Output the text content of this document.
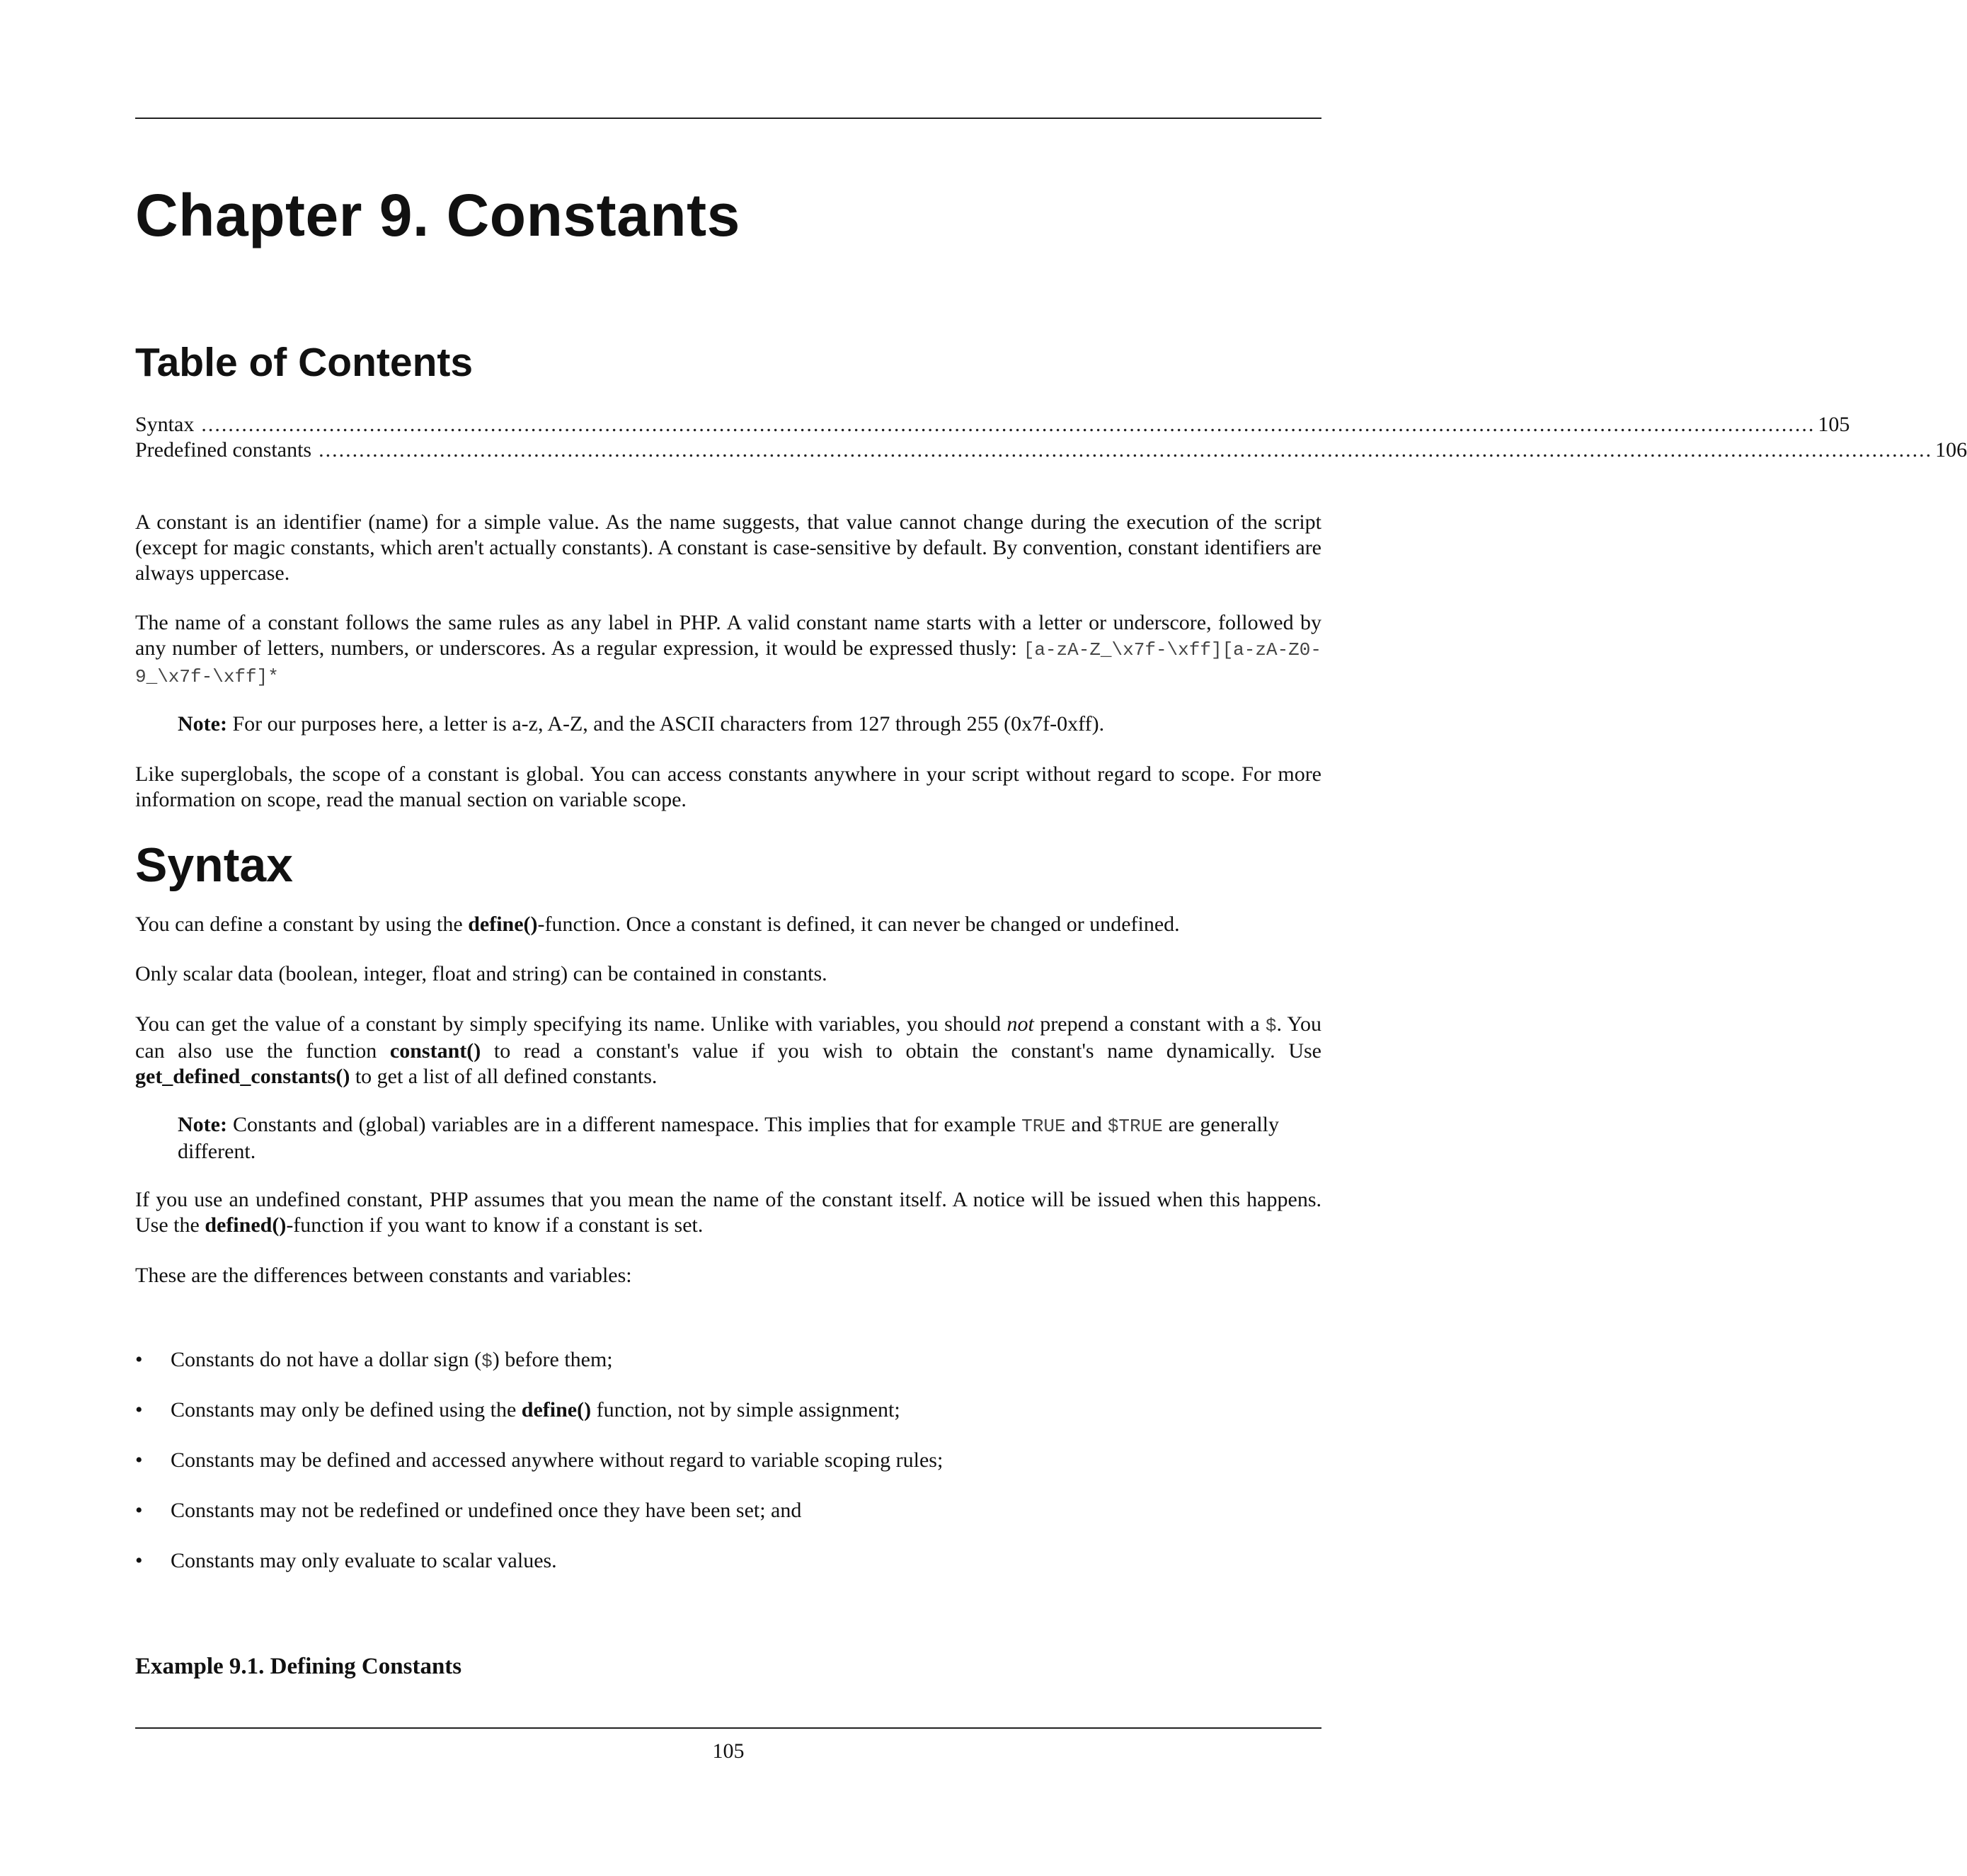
Chapter 9. Constants
Table of Contents
Syntax ................................................................................................................................................................................................................................................ 105
Predefined constants ................................................................................................................................................................................................................................................ 106

A constant is an identifier (name) for a simple value. As the name suggests, that value cannot change during the execution of the script (except for magic constants, which aren't actually constants). A constant is case-sensitive by default. By convention, constant identifiers are always uppercase.

The name of a constant follows the same rules as any label in PHP. A valid constant name starts with a letter or underscore, followed by any number of letters, numbers, or underscores. As a regular expression, it would be expressed thusly: [a-zA-Z_\x7f-\xff][a-zA-Z0-9_\x7f-\xff]*

Note: For our purposes here, a letter is a-z, A-Z, and the ASCII characters from 127 through 255 (0x7f-0xff).

Like superglobals, the scope of a constant is global. You can access constants anywhere in your script without regard to scope. For more information on scope, read the manual section on variable scope.

Syntax

You can define a constant by using the define()-function. Once a constant is defined, it can never be changed or undefined.

Only scalar data (boolean, integer, float and string) can be contained in constants.

You can get the value of a constant by simply specifying its name. Unlike with variables, you should not prepend a constant with a $. You can also use the function constant() to read a constant's value if you wish to obtain the constant's name dynamically. Use get_defined_constants() to get a list of all defined constants.

Note: Constants and (global) variables are in a different namespace. This implies that for example TRUE and $TRUE are generally different.

If you use an undefined constant, PHP assumes that you mean the name of the constant itself. A notice will be issued when this happens. Use the defined()-function if you want to know if a constant is set.

These are the differences between constants and variables:

• Constants do not have a dollar sign ($) before them;
• Constants may only be defined using the define() function, not by simple assignment;
• Constants may be defined and accessed anywhere without regard to variable scoping rules;
• Constants may not be redefined or undefined once they have been set; and
• Constants may only evaluate to scalar values.
Example 9.1. Defining Constants
105
